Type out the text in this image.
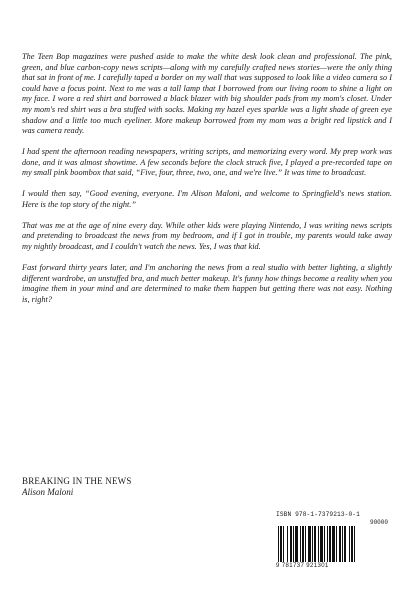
The Teen Bop magazines were pushed aside to make the white desk look clean and professional. The pink, green, and blue carbon-copy news scripts—along with my carefully crafted news stories—were the only thing that sat in front of me. I carefully taped a border on my wall that was supposed to look like a video camera so I could have a focus point. Next to me was a tall lamp that I borrowed from our living room to shine a light on my face. I wore a red shirt and borrowed a black blazer with big shoulder pads from my mom's closet. Under my mom's red shirt was a bra stuffed with socks. Making my hazel eyes sparkle was a light shade of green eye shadow and a little too much eyeliner. More makeup borrowed from my mom was a bright red lipstick and I was camera ready.

I had spent the afternoon reading newspapers, writing scripts, and memorizing every word. My prep work was done, and it was almost showtime. A few seconds before the clock struck five, I played a pre-recorded tape on my small pink boombox that said, “Five, four, three, two, one, and we're live.” It was time to broadcast.

I would then say, “Good evening, everyone. I'm Alison Maloni, and welcome to Springfield's news station. Here is the top story of the night.”

That was me at the age of nine every day. While other kids were playing Nintendo, I was writing news scripts and pretending to broadcast the news from my bedroom, and if I got in trouble, my parents would take away my nightly broadcast, and I couldn't watch the news. Yes, I was that kid.

Fast forward thirty years later, and I'm anchoring the news from a real studio with better lighting, a slightly different wardrobe, an unstuffed bra, and much better makeup. It's funny how things become a reality when you imagine them in your mind and are determined to make them happen but getting there was not easy. Nothing is, right?

BREAKING IN THE NEWS
Alison Maloni
ISBN 978-1-7379213-0-1
90000
9 781737 921301
